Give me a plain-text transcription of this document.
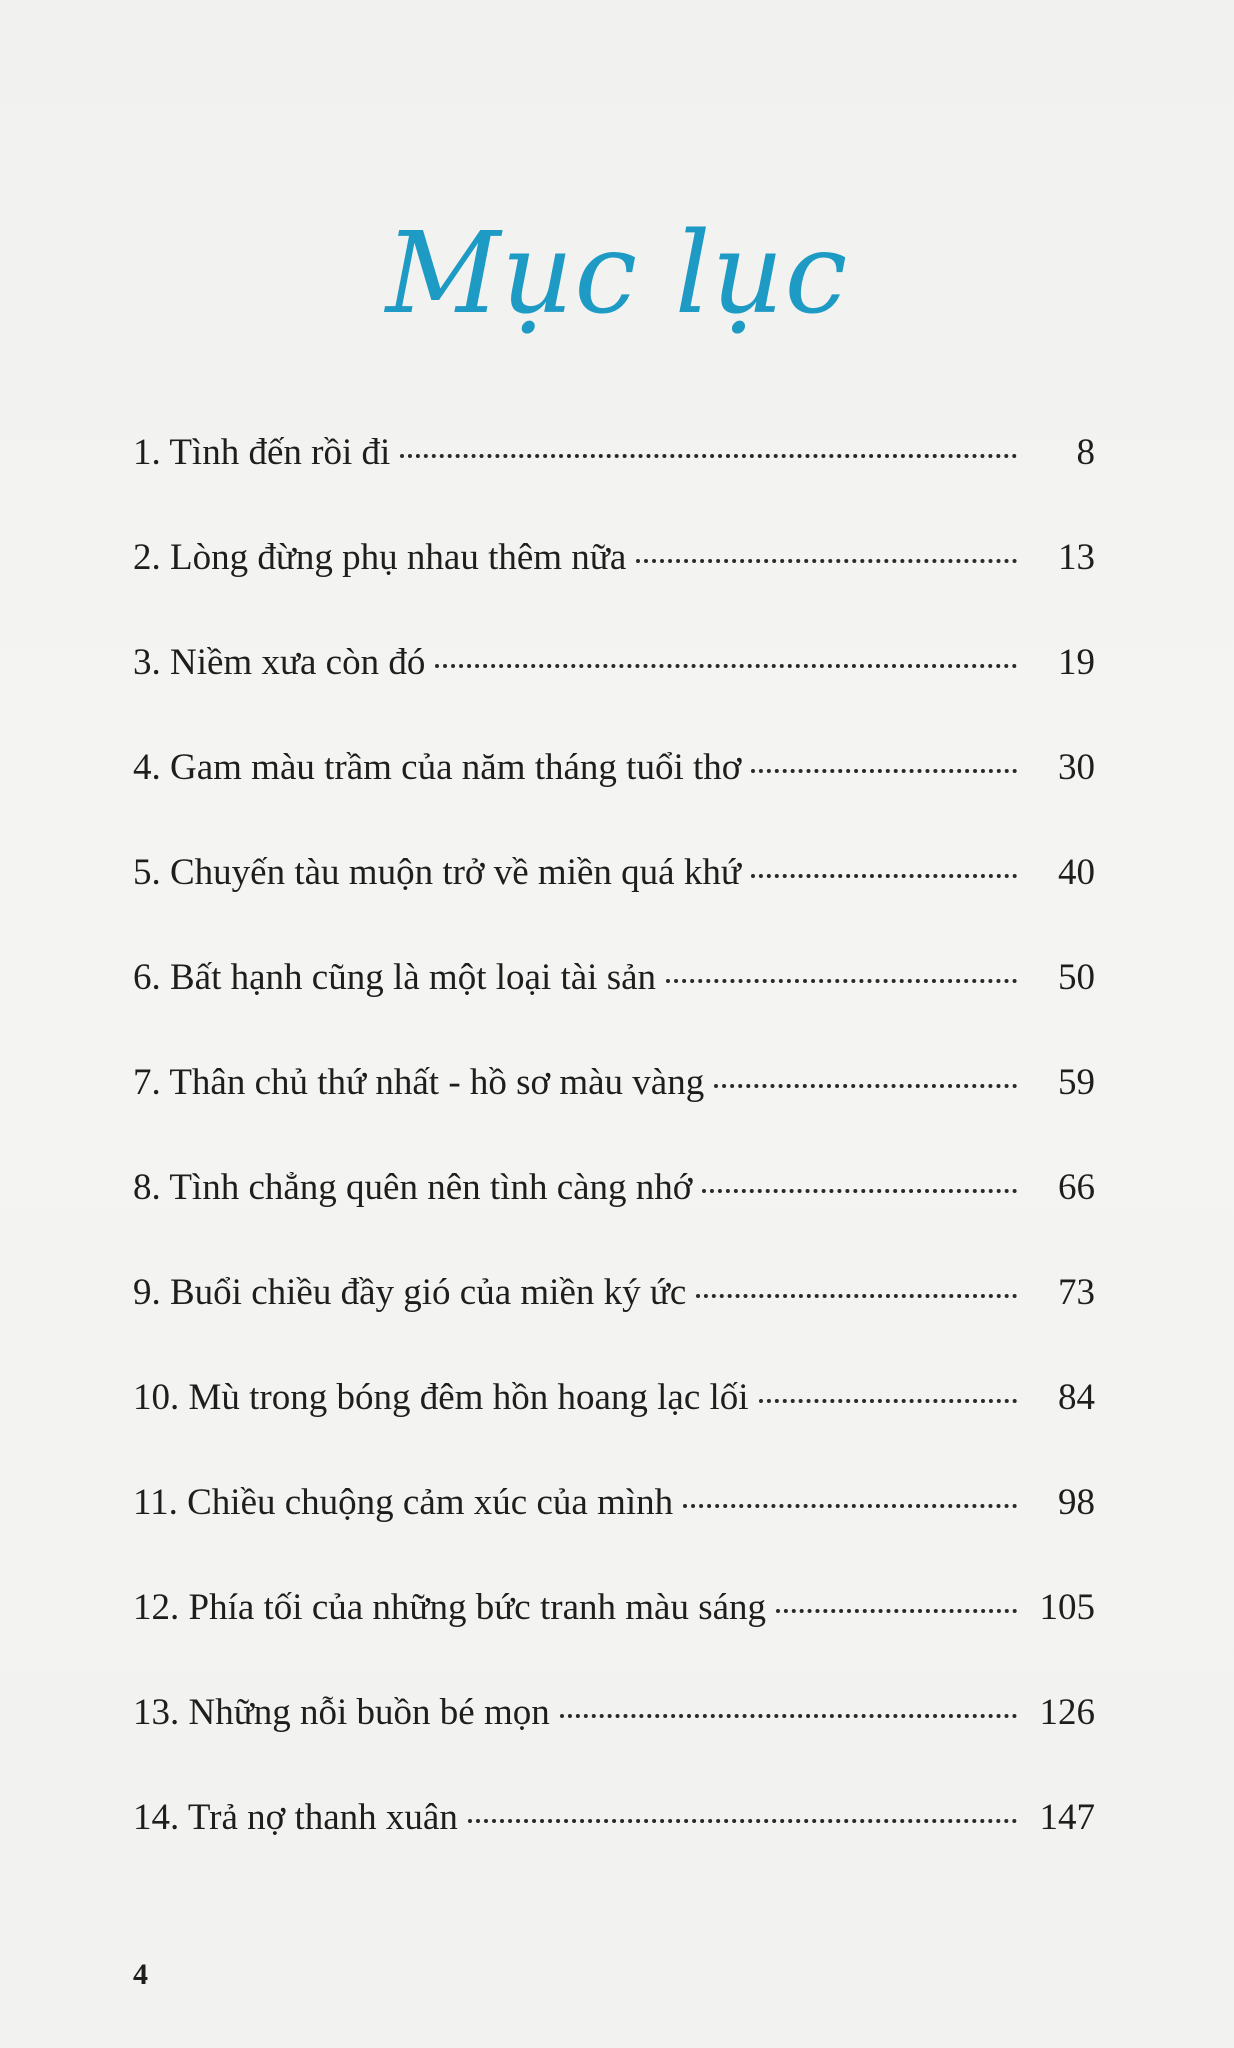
Mục lục
1. Tình đến rồi đi	8
2. Lòng đừng phụ nhau thêm nữa	13
3. Niềm xưa còn đó	19
4. Gam màu trầm của năm tháng tuổi thơ	30
5. Chuyến tàu muộn trở về miền quá khứ	40
6. Bất hạnh cũng là một loại tài sản	50
7. Thân chủ thứ nhất - hồ sơ màu vàng	59
8. Tình chẳng quên nên tình càng nhớ	66
9. Buổi chiều đầy gió của miền ký ức	73
10. Mù trong bóng đêm hồn hoang lạc lối	84
11. Chiều chuộng cảm xúc của mình	98
12. Phía tối của những bức tranh màu sáng	105
13. Những nỗi buồn bé mọn	126
14. Trả nợ thanh xuân	147
4
